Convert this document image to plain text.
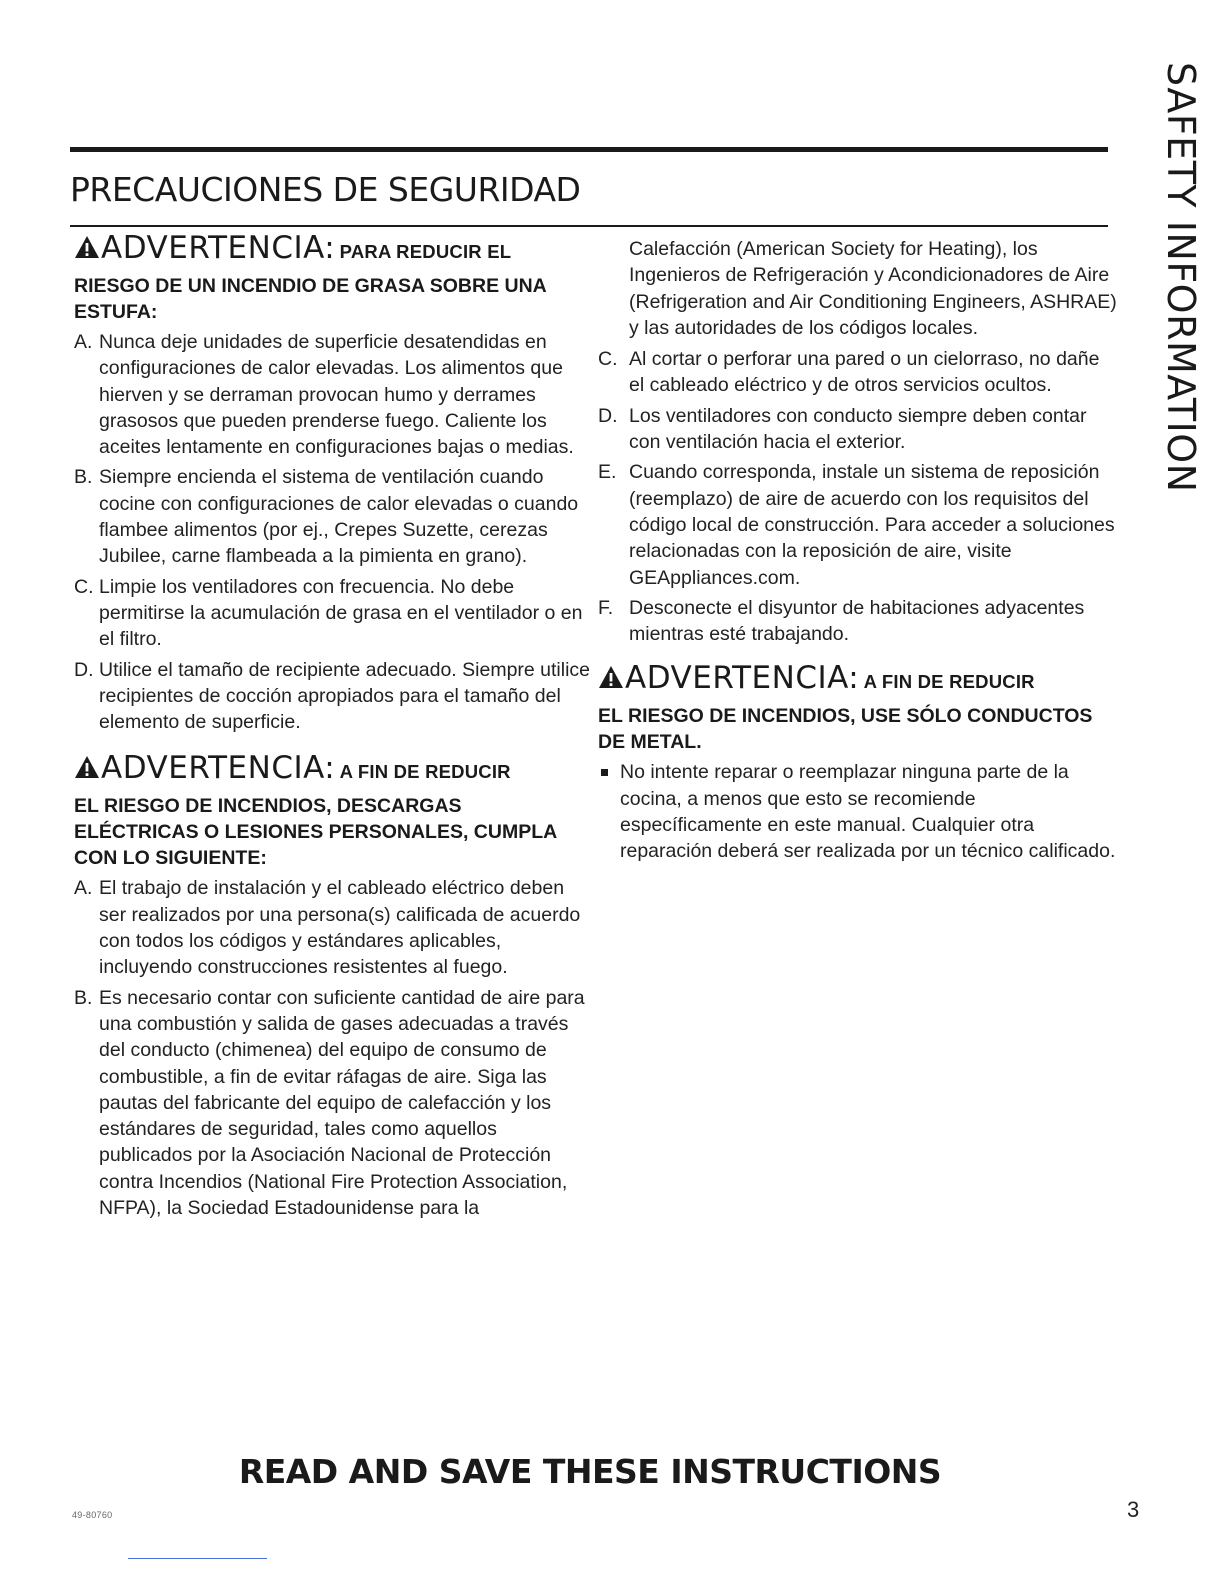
PRECAUCIONES DE SEGURIDAD	SAFETY INFORMATION
ADVERTENCIA: PARA REDUCIR EL
RIESGO DE UN INCENDIO DE GRASA SOBRE UNA ESTUFA:
A. Nunca deje unidades de superficie desatendidas en configuraciones de calor elevadas. Los alimentos que hierven y se derraman provocan humo y derrames grasosos que pueden prenderse fuego. Caliente los aceites lentamente en configuraciones bajas o medias.
B. Siempre encienda el sistema de ventilación cuando cocine con configuraciones de calor elevadas o cuando flambee alimentos (por ej., Crepes Suzette, cerezas Jubilee, carne flambeada a la pimienta en grano).
C. Limpie los ventiladores con frecuencia. No debe permitirse la acumulación de grasa en el ventilador o en el filtro.
D. Utilice el tamaño de recipiente adecuado. Siempre utilice recipientes de cocción apropiados para el tamaño del elemento de superficie.
ADVERTENCIA: A FIN DE REDUCIR
EL RIESGO DE INCENDIOS, DESCARGAS ELÉCTRICAS O LESIONES PERSONALES, CUMPLA CON LO SIGUIENTE:
A. El trabajo de instalación y el cableado eléctrico deben ser realizados por una persona(s) calificada de acuerdo con todos los códigos y estándares aplicables, incluyendo construcciones resistentes al fuego.
B. Es necesario contar con suficiente cantidad de aire para una combustión y salida de gases adecuadas a través del conducto (chimenea) del equipo de consumo de combustible, a fin de evitar ráfagas de aire. Siga las pautas del fabricante del equipo de calefacción y los estándares de seguridad, tales como aquellos publicados por la Asociación Nacional de Protección contra Incendios (National Fire Protection Association, NFPA), la Sociedad Estadounidense para la

Calefacción (American Society for Heating), los Ingenieros de Refrigeración y Acondicionadores de Aire (Refrigeration and Air Conditioning Engineers, ASHRAE) y las autoridades de los códigos locales.

C. Al cortar o perforar una pared o un cielorraso, no dañe el cableado eléctrico y de otros servicios ocultos.
D. Los ventiladores con conducto siempre deben contar con ventilación hacia el exterior.
E. Cuando corresponda, instale un sistema de reposición (reemplazo) de aire de acuerdo con los requisitos del código local de construcción. Para acceder a soluciones relacionadas con la reposición de aire, visite GEAppliances.com.
F. Desconecte el disyuntor de habitaciones adyacentes mientras esté trabajando.
ADVERTENCIA: A FIN DE REDUCIR
EL RIESGO DE INCENDIOS, USE SÓLO CONDUCTOS DE METAL.
No intente reparar o reemplazar ninguna parte de la cocina, a menos que esto se recomiende específicamente en este manual. Cualquier otra reparación deberá ser realizada por un técnico calificado.
READ AND SAVE THESE INSTRUCTIONS
49-80760	3
